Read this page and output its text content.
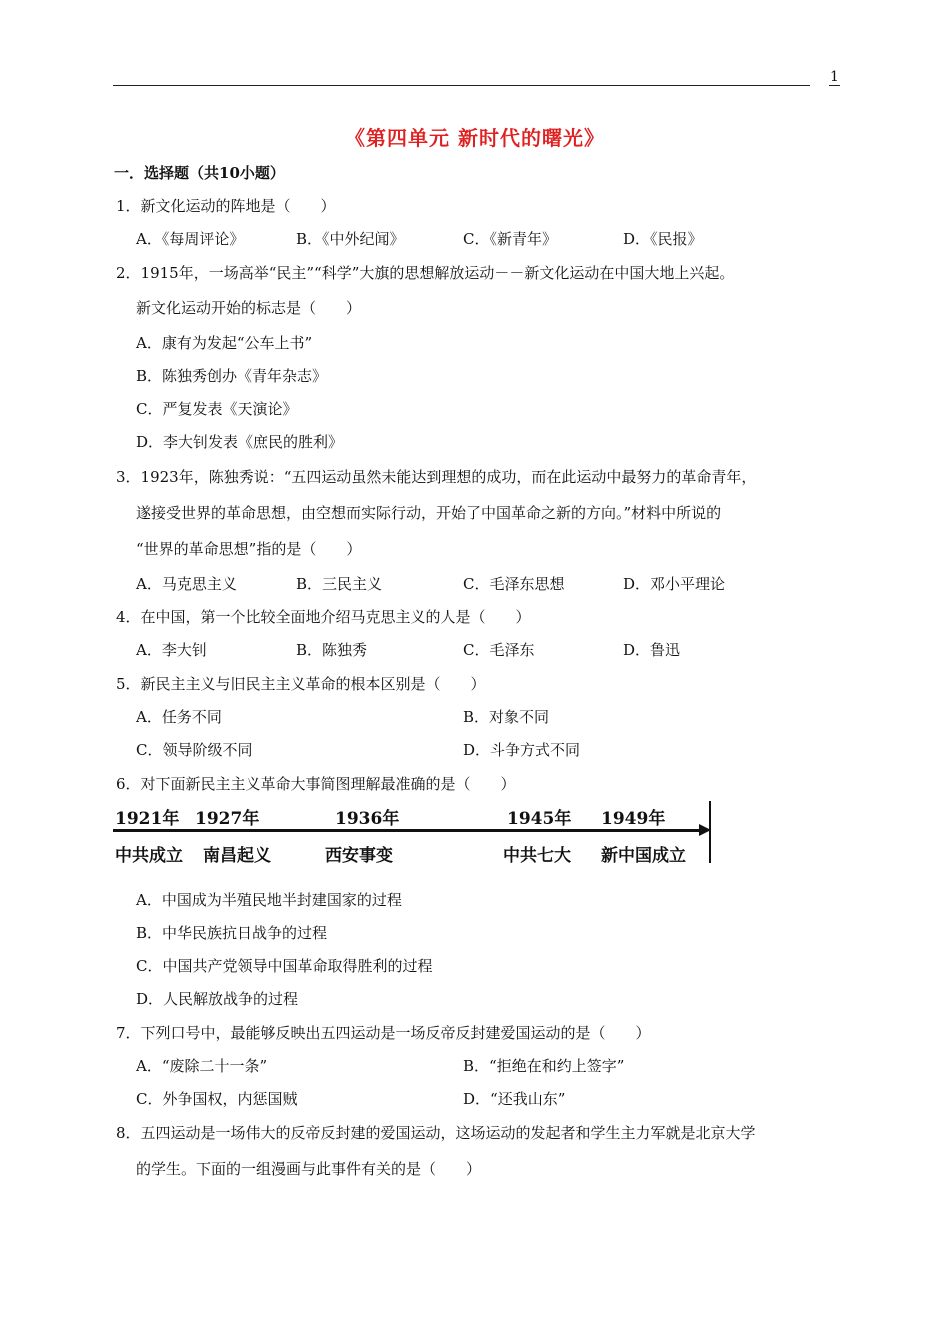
1
《第四单元 新时代的曙光》
一．选择题（共10小题）
1．新文化运动的阵地是（　　）
A．《每周评论》	B．《中外纪闻》	C．《新青年》	D．《民报》
2．1915年，一场高举“民主”“科学”大旗的思想解放运动－－新文化运动在中国大地上兴起。
新文化运动开始的标志是（　　）
A．康有为发起“公车上书”
B．陈独秀创办《青年杂志》
C．严复发表《天演论》
D．李大钊发表《庶民的胜利》
3．1923年，陈独秀说：“五四运动虽然未能达到理想的成功，而在此运动中最努力的革命青年，
遂接受世界的革命思想，由空想而实际行动，开始了中国革命之新的方向。”材料中所说的
“世界的革命思想”指的是（　　）
A．马克思主义	B．三民主义	C．毛泽东思想	D．邓小平理论
4．在中国，第一个比较全面地介绍马克思主义的人是（　　）
A．李大钊	B．陈独秀	C．毛泽东	D．鲁迅
5．新民主主义与旧民主主义革命的根本区别是（　　）
A．任务不同	B．对象不同
C．领导阶级不同	D．斗争方式不同
6．对下面新民主主义革命大事简图理解最准确的是（　　）
1921年 1927年	1936年	1945年 1949年
中共成立 南昌起义	西安事变	中共七大 新中国成立
A．中国成为半殖民地半封建国家的过程
B．中华民族抗日战争的过程
C．中国共产党领导中国革命取得胜利的过程
D．人民解放战争的过程
7．下列口号中，最能够反映出五四运动是一场反帝反封建爱国运动的是（　　）
A．“废除二十一条”	B．“拒绝在和约上签字”
C．外争国权，内惩国贼	D．“还我山东”
8．五四运动是一场伟大的反帝反封建的爱国运动，这场运动的发起者和学生主力军就是北京大学
的学生。下面的一组漫画与此事件有关的是（　　）
